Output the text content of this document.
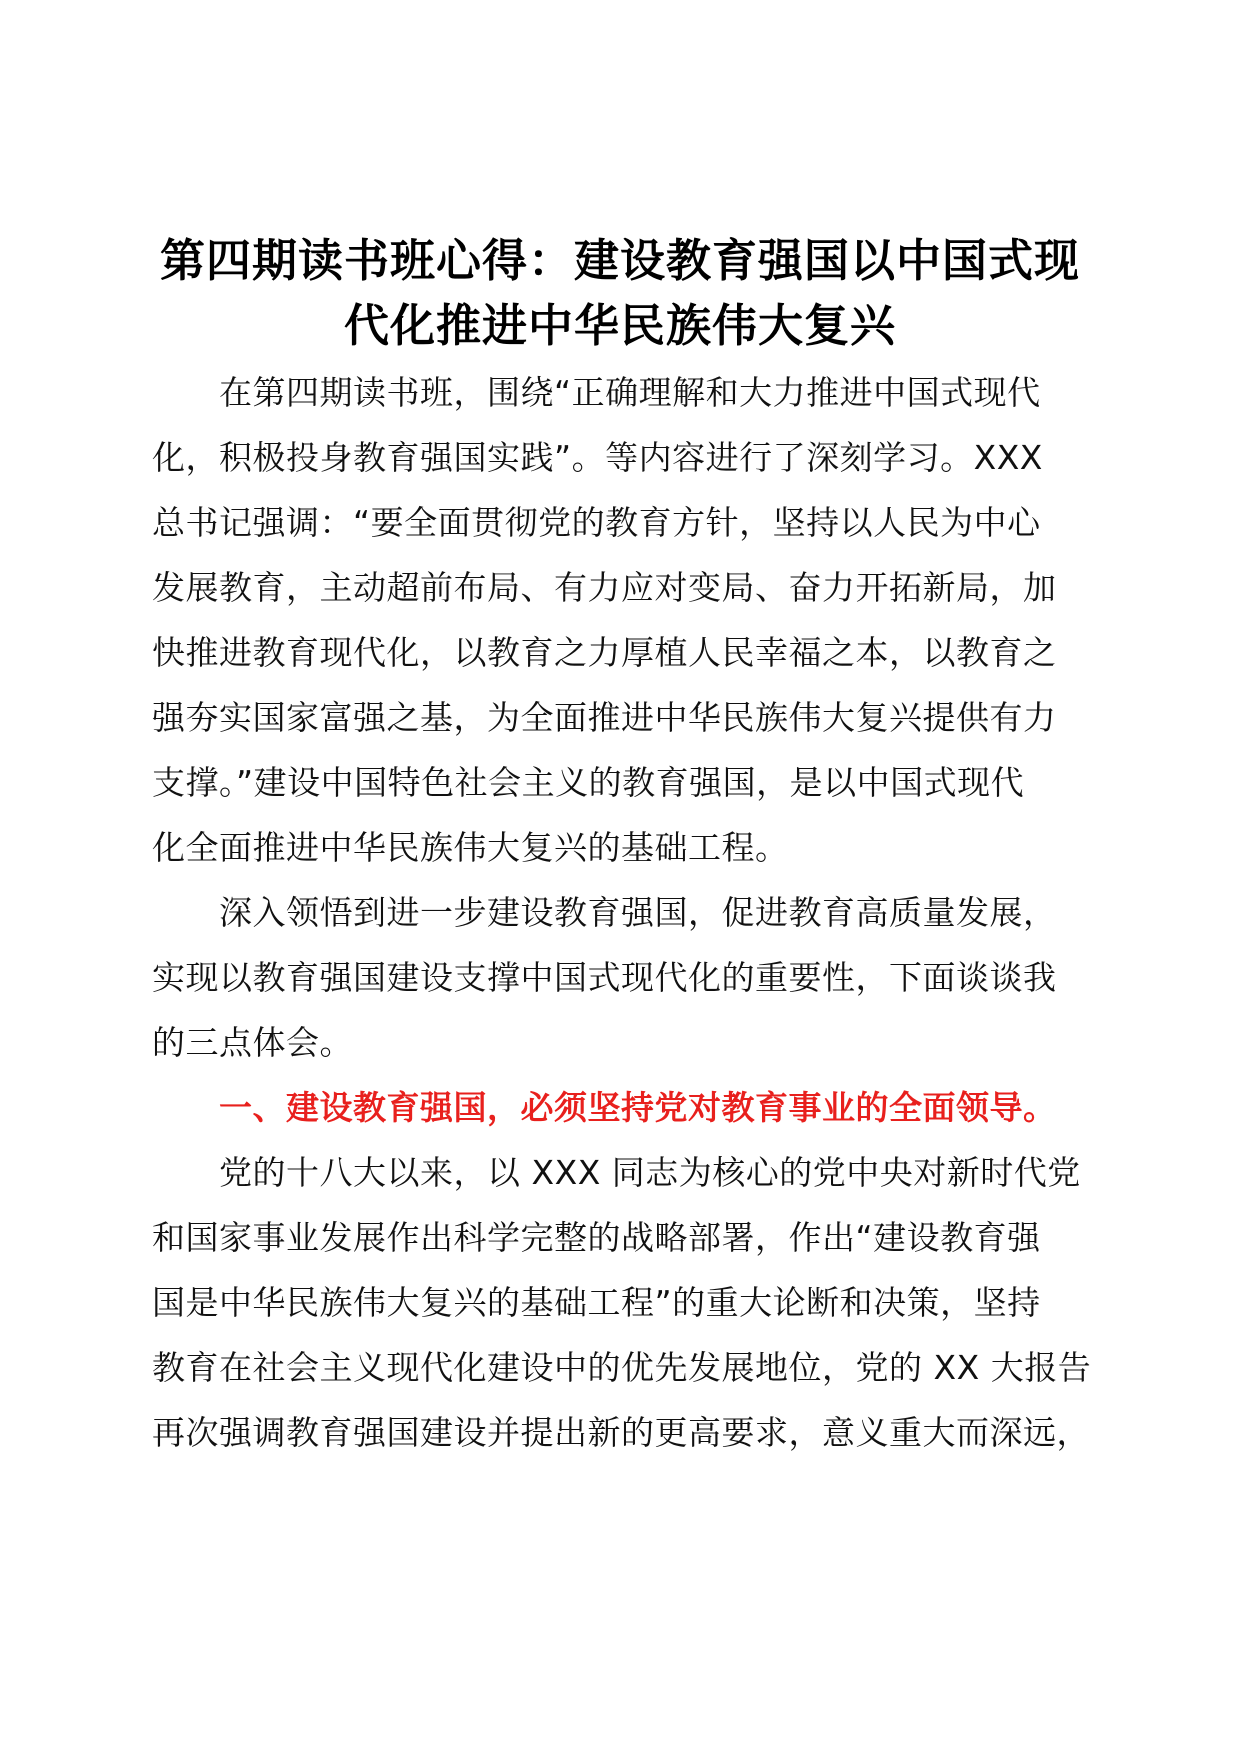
第四期读书班心得：建设教育强国以中国式现
代化推进中华民族伟大复兴
在第四期读书班，围绕“正确理解和大力推进中国式现代
化，积极投身教育强国实践”。等内容进行了深刻学习。XXX
总书记强调：“要全面贯彻党的教育方针，坚持以人民为中心
发展教育，主动超前布局、有力应对变局、奋力开拓新局，加
快推进教育现代化，以教育之力厚植人民幸福之本，以教育之
强夯实国家富强之基，为全面推进中华民族伟大复兴提供有力
支撑。”建设中国特色社会主义的教育强国，是以中国式现代
化全面推进中华民族伟大复兴的基础工程。
深入领悟到进一步建设教育强国，促进教育高质量发展，
实现以教育强国建设支撑中国式现代化的重要性，下面谈谈我
的三点体会。
一、建设教育强国，必须坚持党对教育事业的全面领导。
党的十八大以来，以 XXX 同志为核心的党中央对新时代党
和国家事业发展作出科学完整的战略部署，作出“建设教育强
国是中华民族伟大复兴的基础工程”的重大论断和决策，坚持
教育在社会主义现代化建设中的优先发展地位，党的 XX 大报告
再次强调教育强国建设并提出新的更高要求，意义重大而深远，
